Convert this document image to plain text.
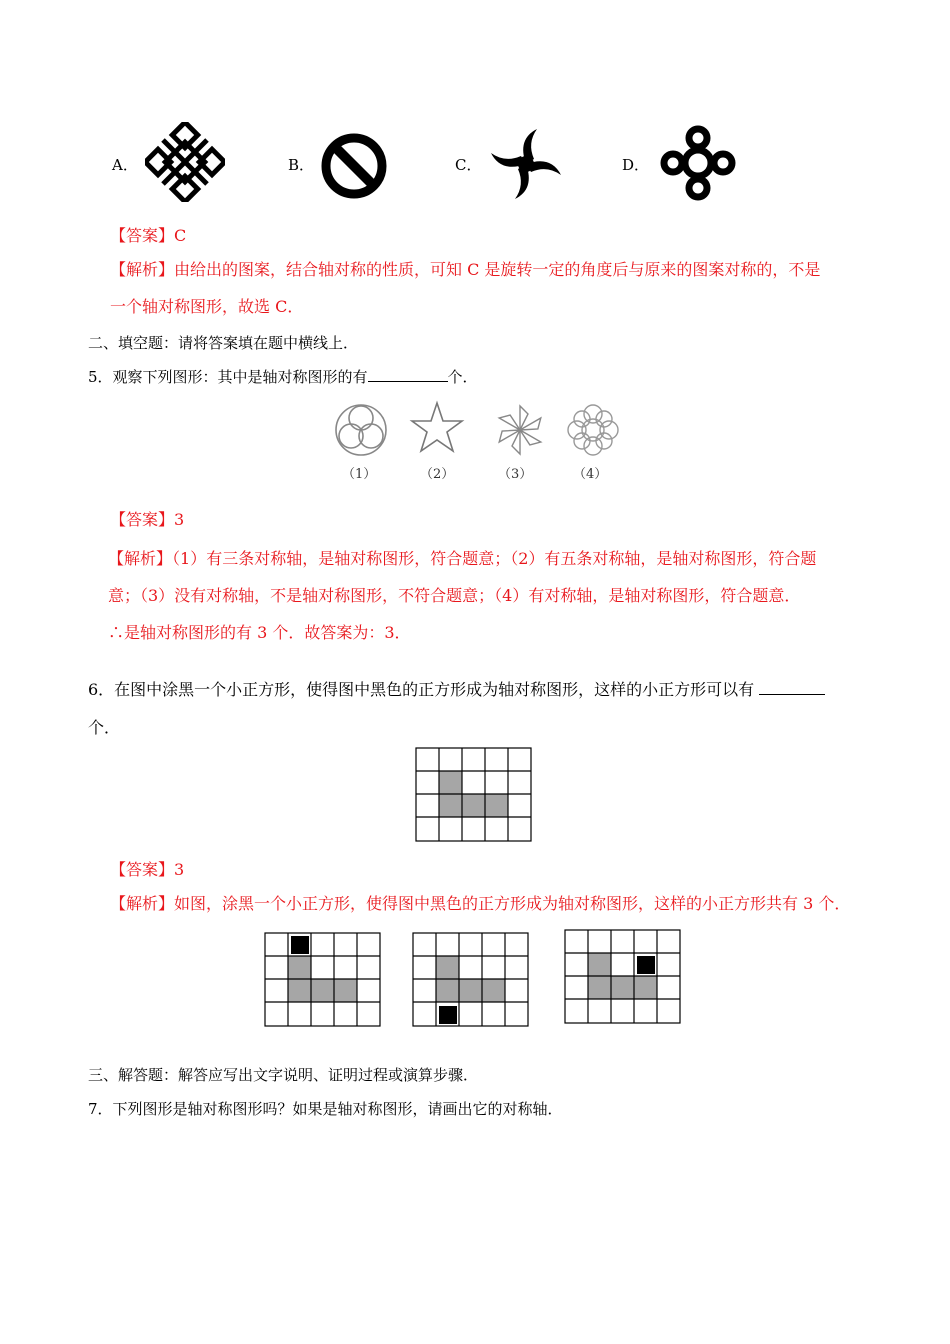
A．	B．	C．	D．
【答案】C
【解析】由给出的图案，结合轴对称的性质，可知 C 是旋转一定的角度后与原来的图案对称的，不是
一个轴对称图形，故选 C．
二、填空题：请将答案填在题中横线上．
5．观察下列图形：其中是轴对称图形的有	个．
（1）	（2）	（3）	（4）
【答案】3
【解析】（1）有三条对称轴，是轴对称图形，符合题意；（2）有五条对称轴，是轴对称图形，符合题
意；（3）没有对称轴，不是轴对称图形，不符合题意；（4）有对称轴，是轴对称图形，符合题意．
∴是轴对称图形的有 3 个．故答案为：3．
6．在图中涂黑一个小正方形，使得图中黑色的正方形成为轴对称图形，这样的小正方形可以有
个．
【答案】3
【解析】如图，涂黑一个小正方形，使得图中黑色的正方形成为轴对称图形，这样的小正方形共有 3 个．
三、解答题：解答应写出文字说明、证明过程或演算步骤．
7．下列图形是轴对称图形吗？如果是轴对称图形，请画出它的对称轴．
